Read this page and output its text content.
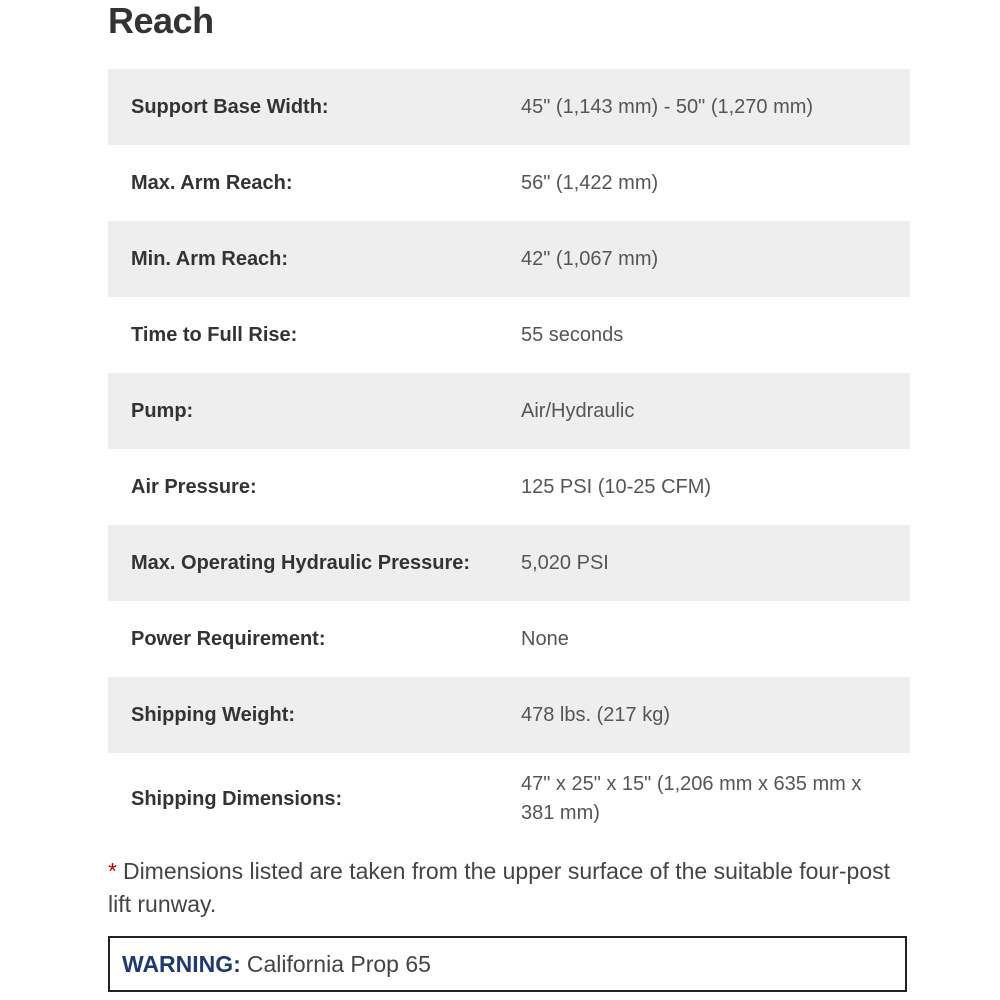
Reach
Support Base Width:	45" (1,143 mm) - 50" (1,270 mm)
Max. Arm Reach:	56" (1,422 mm)
Min. Arm Reach:	42" (1,067 mm)
Time to Full Rise:	55 seconds
Pump:	Air/Hydraulic
Air Pressure:	125 PSI (10-25 CFM)
Max. Operating Hydraulic Pressure:	5,020 PSI
Power Requirement:	None
Shipping Weight:	478 lbs. (217 kg)
Shipping Dimensions:	47" x 25" x 15" (1,206 mm x 635 mm x 381 mm)

* Dimensions listed are taken from the upper surface of the suitable four-post lift runway.

WARNING: California Prop 65
